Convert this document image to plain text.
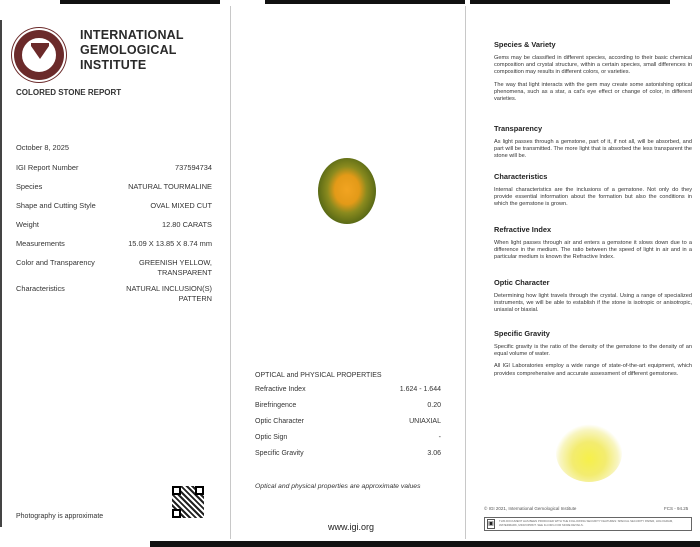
INTERNATIONAL
GEMOLOGICAL
INSTITUTE
COLORED STONE REPORT
October 8, 2025
IGI Report Number	737594734
Species	NATURAL TOURMALINE
Shape and Cutting Style	OVAL MIXED CUT
Weight	12.80 CARATS
Measurements	15.09 X 13.85 X 8.74 mm
Color and Transparency	GREENISH YELLOW,
TRANSPARENT
Characteristics	NATURAL INCLUSION(S)
PATTERN
Photography is approximate
OPTICAL and PHYSICAL PROPERTIES
Refractive Index	1.624 - 1.644
Birefringence	0.20
Optic Character	UNIAXIAL
Optic Sign	-
Specific Gravity	3.06
Optical and physical properties are approximate values
www.igi.org
Species & Variety

Gems may be classified in different species, according to their basic chemical composition and crystal structure, within a certain species, small differences in composition may results in different colors, or varieties.

The way that light interacts with the gem may create some astonishing optical phenomena, such as a star, a cat's eye effect or change of color, in different varieties.

Transparency

As light passes through a gemstone, part of it, if not all, will be absorbed, and part will be transmitted. The more light that is absorbed the less transparent the stone will be.

Characteristics

Internal characteristics are the inclusions of a gemstone. Not only do they provide essential information about the formation but also the conditions in which the gemstone is grown.

Refractive Index

When light passes through air and enters a gemstone it slows down due to a difference in the medium. The ratio between the speed of light in air and in a particular medium is known the Refractive Index.

Optic Character

Determining how light travels through the crystal. Using a range of specialized instruments, we will be able to establish if the stone is isotropic or anisotropic, uniaxial or biaxial.

Specific Gravity

Specific gravity is the ratio of the density of the gemstone to the density of an equal volume of water.

All IGI Laboratories employ a wide range of state-of-the-art equipment, which provides comprehensive and accurate assessment of different gemstones.

© IGI 2021, International Gemological Institute	FCS - 94.25
▣	THIS DOCUMENT HAS BEEN PRODUCED WITH THE FOLLOWING SECURITY FEATURES: SPECIAL SECURITY PAPER, HOLOGRAM, WATERMARK, MICROPRINT. SEE IGI.ORG FOR MORE DETAILS.
